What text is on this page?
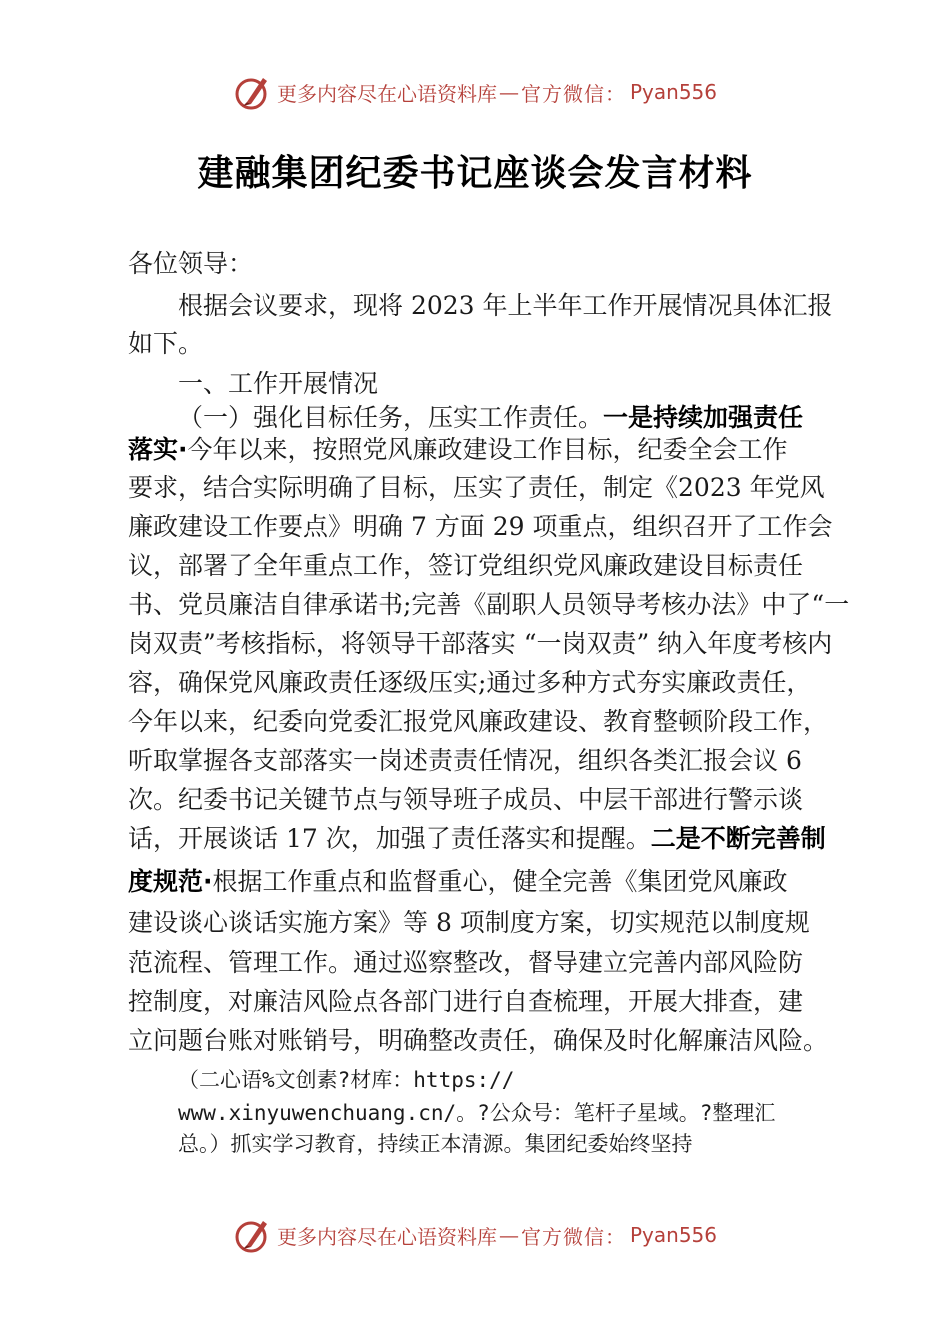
更多内容尽在心语资料库 — 官方微信： Pyan556
建融集团纪委书记座谈会发言材料
各位领导：
根据会议要求，现将 2023 年上半年工作开展情况具体汇报
如下。
一、工作开展情况
（一）强化目标任务，压实工作责任。一是持续加强责任
落实·今年以来，按照党风廉政建设工作目标，纪委全会工作
要求，结合实际明确了目标，压实了责任，制定《2023 年党风
廉政建设工作要点》明确 7 方面 29 项重点，组织召开了工作会
议，部署了全年重点工作，签订党组织党风廉政建设目标责任
书、党员廉洁自律承诺书;完善《副职人员领导考核办法》中了“一
岗双责”考核指标，将领导干部落实 “一岗双责” 纳入年度考核内
容，确保党风廉政责任逐级压实;通过多种方式夯实廉政责任，
今年以来，纪委向党委汇报党风廉政建设、教育整顿阶段工作，
听取掌握各支部落实一岗述责责任情况，组织各类汇报会议 6
次。纪委书记关键节点与领导班子成员、中层干部进行警示谈
话，开展谈话 17 次，加强了责任落实和提醒。二是不断完善制
度规范·根据工作重点和监督重心，健全完善《集团党风廉政
建设谈心谈话实施方案》等 8 项制度方案，切实规范以制度规
范流程、管理工作。通过巡察整改，督导建立完善内部风险防
控制度，对廉洁风险点各部门进行自查梳理，开展大排查，建
立问题台账对账销号，明确整改责任，确保及时化解廉洁风险。
（二心语%文创素?材库：https://
www.xinyuwenchuang.cn/。?公众号：笔杆子星域。?整理汇
总。）抓实学习教育，持续正本清源。集团纪委始终坚持
更多内容尽在心语资料库 — 官方微信： Pyan556
